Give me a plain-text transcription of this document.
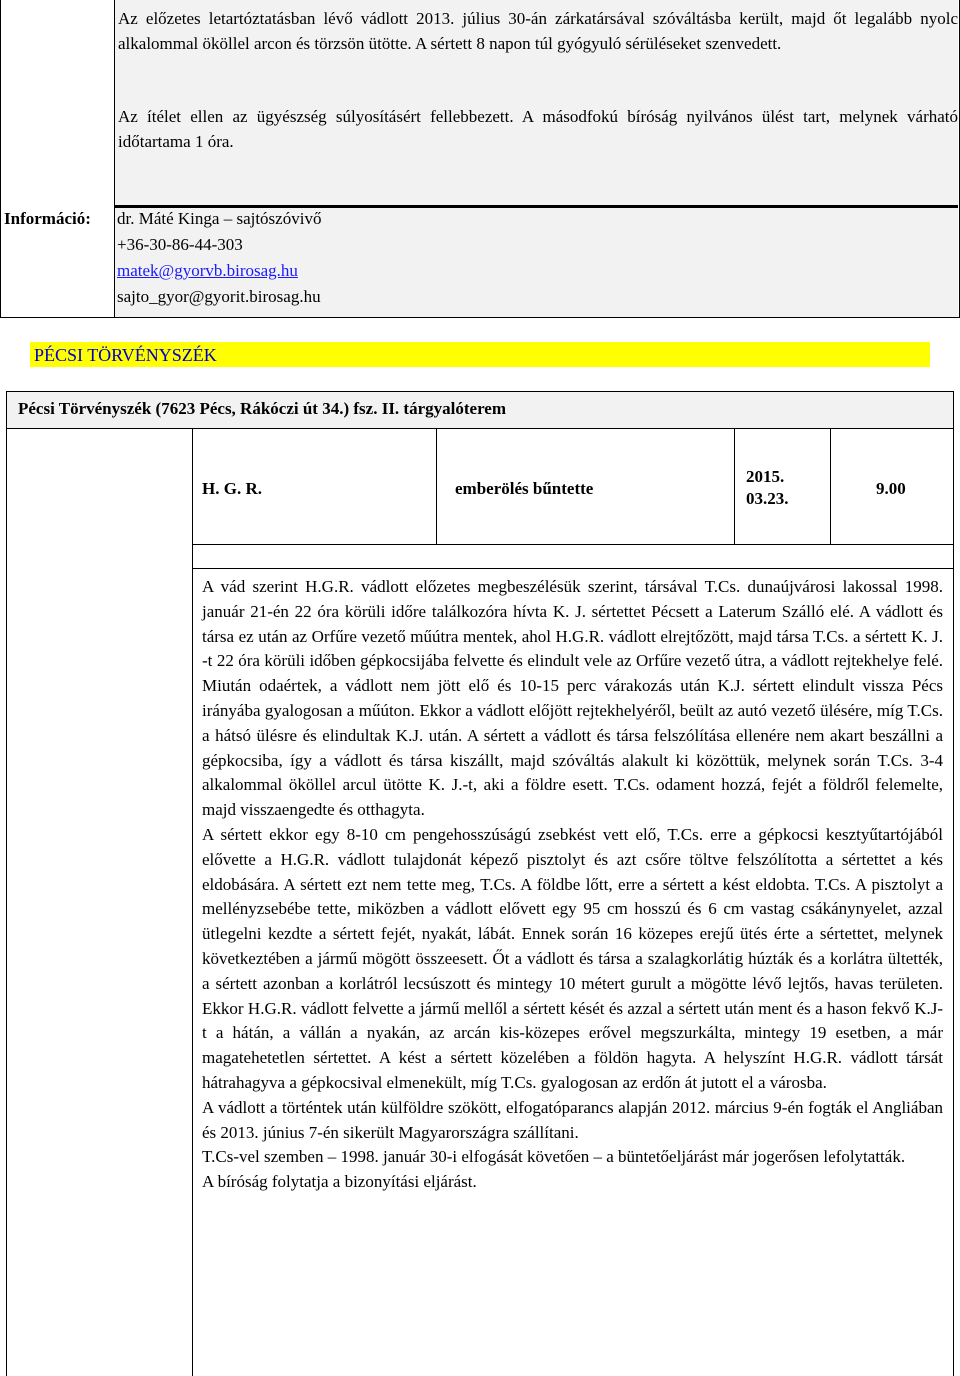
Az előzetes letartóztatásban lévő vádlott 2013. július 30-án zárkatársával szóváltásba került, majd őt legalább nyolc alkalommal ököllel arcon és törzsön ütötte. A sértett 8 napon túl gyógyuló sérüléseket szenvedett.

Az ítélet ellen az ügyészség súlyosításért fellebbezett. A másodfokú bíróság nyilvános ülést tart, melynek várható időtartama 1 óra.

Információ: dr. Máté Kinga – sajtószóvivő
+36-30-86-44-303
matek@gyorvb.birosag.hu
sajto_gyor@gyorit.birosag.hu
PÉCSI TÖRVÉNYSZÉK
Pécsi Törvényszék (7623 Pécs, Rákóczi út 34.) fsz. II. tárgyalóterem
H. G. R.	emberölés bűntette
2015.
03.23.
9.00

A vád szerint H.G.R. vádlott előzetes megbeszélésük szerint, társával T.Cs. dunaújvárosi lakossal 1998. január 21-én 22 óra körüli időre találkozóra hívta K. J. sértettet Pécsett a Laterum Szálló elé. A vádlott és társa ez után az Orfűre vezető műútra mentek, ahol H.G.R. vádlott elrejtőzött, majd társa T.Cs. a sértett K. J. -t 22 óra körüli időben gépkocsijába felvette és elindult vele az Orfűre vezető útra, a vádlott rejtekhelye felé. Miután odaértek, a vádlott nem jött elő és 10-15 perc várakozás után K.J. sértett elindult vissza Pécs irányába gyalogosan a műúton. Ekkor a vádlott előjött rejtekhelyéről, beült az autó vezető ülésére, míg T.Cs. a hátsó ülésre és elindultak K.J. után. A sértett a vádlott és társa felszólítása ellenére nem akart beszállni a gépkocsiba, így a vádlott és társa kiszállt, majd szóváltás alakult ki közöttük, melynek során T.Cs. 3-4 alkalommal ököllel arcul ütötte K. J.-t, aki a földre esett. T.Cs. odament hozzá, fejét a földről felemelte, majd visszaengedte és otthagyta.

A sértett ekkor egy 8-10 cm pengehosszúságú zsebkést vett elő, T.Cs. erre a gépkocsi kesztyűtartójából elővette a H.G.R. vádlott tulajdonát képező pisztolyt és azt csőre töltve felszólította a sértettet a kés eldobására. A sértett ezt nem tette meg, T.Cs. A földbe lőtt, erre a sértett a kést eldobta. T.Cs. A pisztolyt a mellényzsebébe tette, miközben a vádlott elővett egy 95 cm hosszú és 6 cm vastag csákánynyelet, azzal ütlegelni kezdte a sértett fejét, nyakát, lábát. Ennek során 16 közepes erejű ütés érte a sértettet, melynek következtében a jármű mögött összeesett. Őt a vádlott és társa a szalagkorlátig húzták és a korlátra ültették, a sértett azonban a korlátról lecsúszott és mintegy 10 métert gurult a mögötte lévő lejtős, havas területen. Ekkor H.G.R. vádlott felvette a jármű mellől a sértett kését és azzal a sértett után ment és a hason fekvő K.J-t a hátán, a vállán a nyakán, az arcán kis-közepes erővel megszurkálta, mintegy 19 esetben, a már magatehetetlen sértettet. A kést a sértett közelében a földön hagyta. A helyszínt H.G.R. vádlott társát hátrahagyva a gépkocsival elmenekült, míg T.Cs. gyalogosan az erdőn át jutott el a városba.

A vádlott a történtek után külföldre szökött, elfogatóparancs alapján 2012. március 9-én fogták el Angliában és 2013. június 7-én sikerült Magyarországra szállítani.

T.Cs-vel szemben – 1998. január 30-i elfogását követően – a büntetőeljárást már jogerősen lefolytatták.

A bíróság folytatja a bizonyítási eljárást.
